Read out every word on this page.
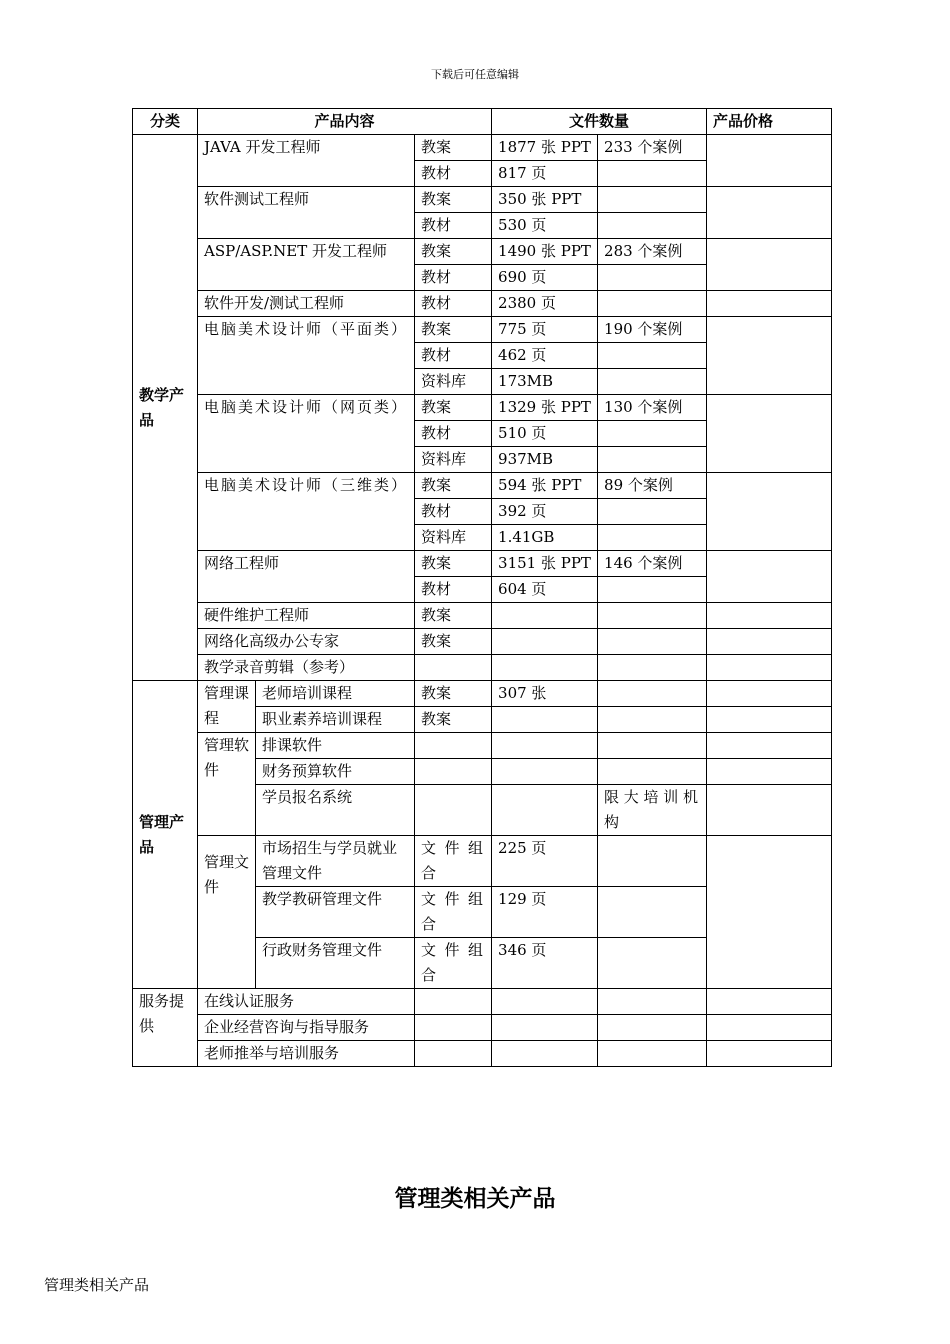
下载后可任意编辑
分类	产品内容			文件数量		产品价格
教学产品	JAVA 开发工程师		教案	1877 张 PPT	233 个案例	
			教材	817 页		
	软件测试工程师		教案	350 张 PPT		
			教材	530 页		
	ASP/ASP.NET 开发工程师		教案	1490 张 PPT	283 个案例	
			教材	690 页		
	软件开发/测试工程师		教材	2380 页		
	电脑美术设计师（平面类）		教案	775 页	190 个案例	
			教材	462 页		
			资料库	173MB		
	电脑美术设计师（网页类）		教案	1329 张 PPT	130 个案例	
			教材	510 页		
			资料库	937MB		
	电脑美术设计师（三维类）		教案	594 张 PPT	89 个案例	
			教材	392 页		
			资料库	1.41GB		
	网络工程师		教案	3151 张 PPT	146 个案例	
			教材	604 页		
	硬件维护工程师		教案			
	网络化高级办公专家		教案			
	教学录音剪辑（参考）					
管理产品	管理课程	老师培训课程	教案	307 张		
		职业素养培训课程	教案			
	管理软件	排课软件				
		财务预算软件				
		学员报名系统			限大培训机构	
	管理文件	市场招生与学员就业管理文件	文件组合	225 页		
		教学教研管理文件	文件组合	129 页		
		行政财务管理文件	文件组合	346 页		
服务提供	在线认证服务					
	企业经营咨询与指导服务					
	老师推举与培训服务					
管理类相关产品
管理类相关产品
